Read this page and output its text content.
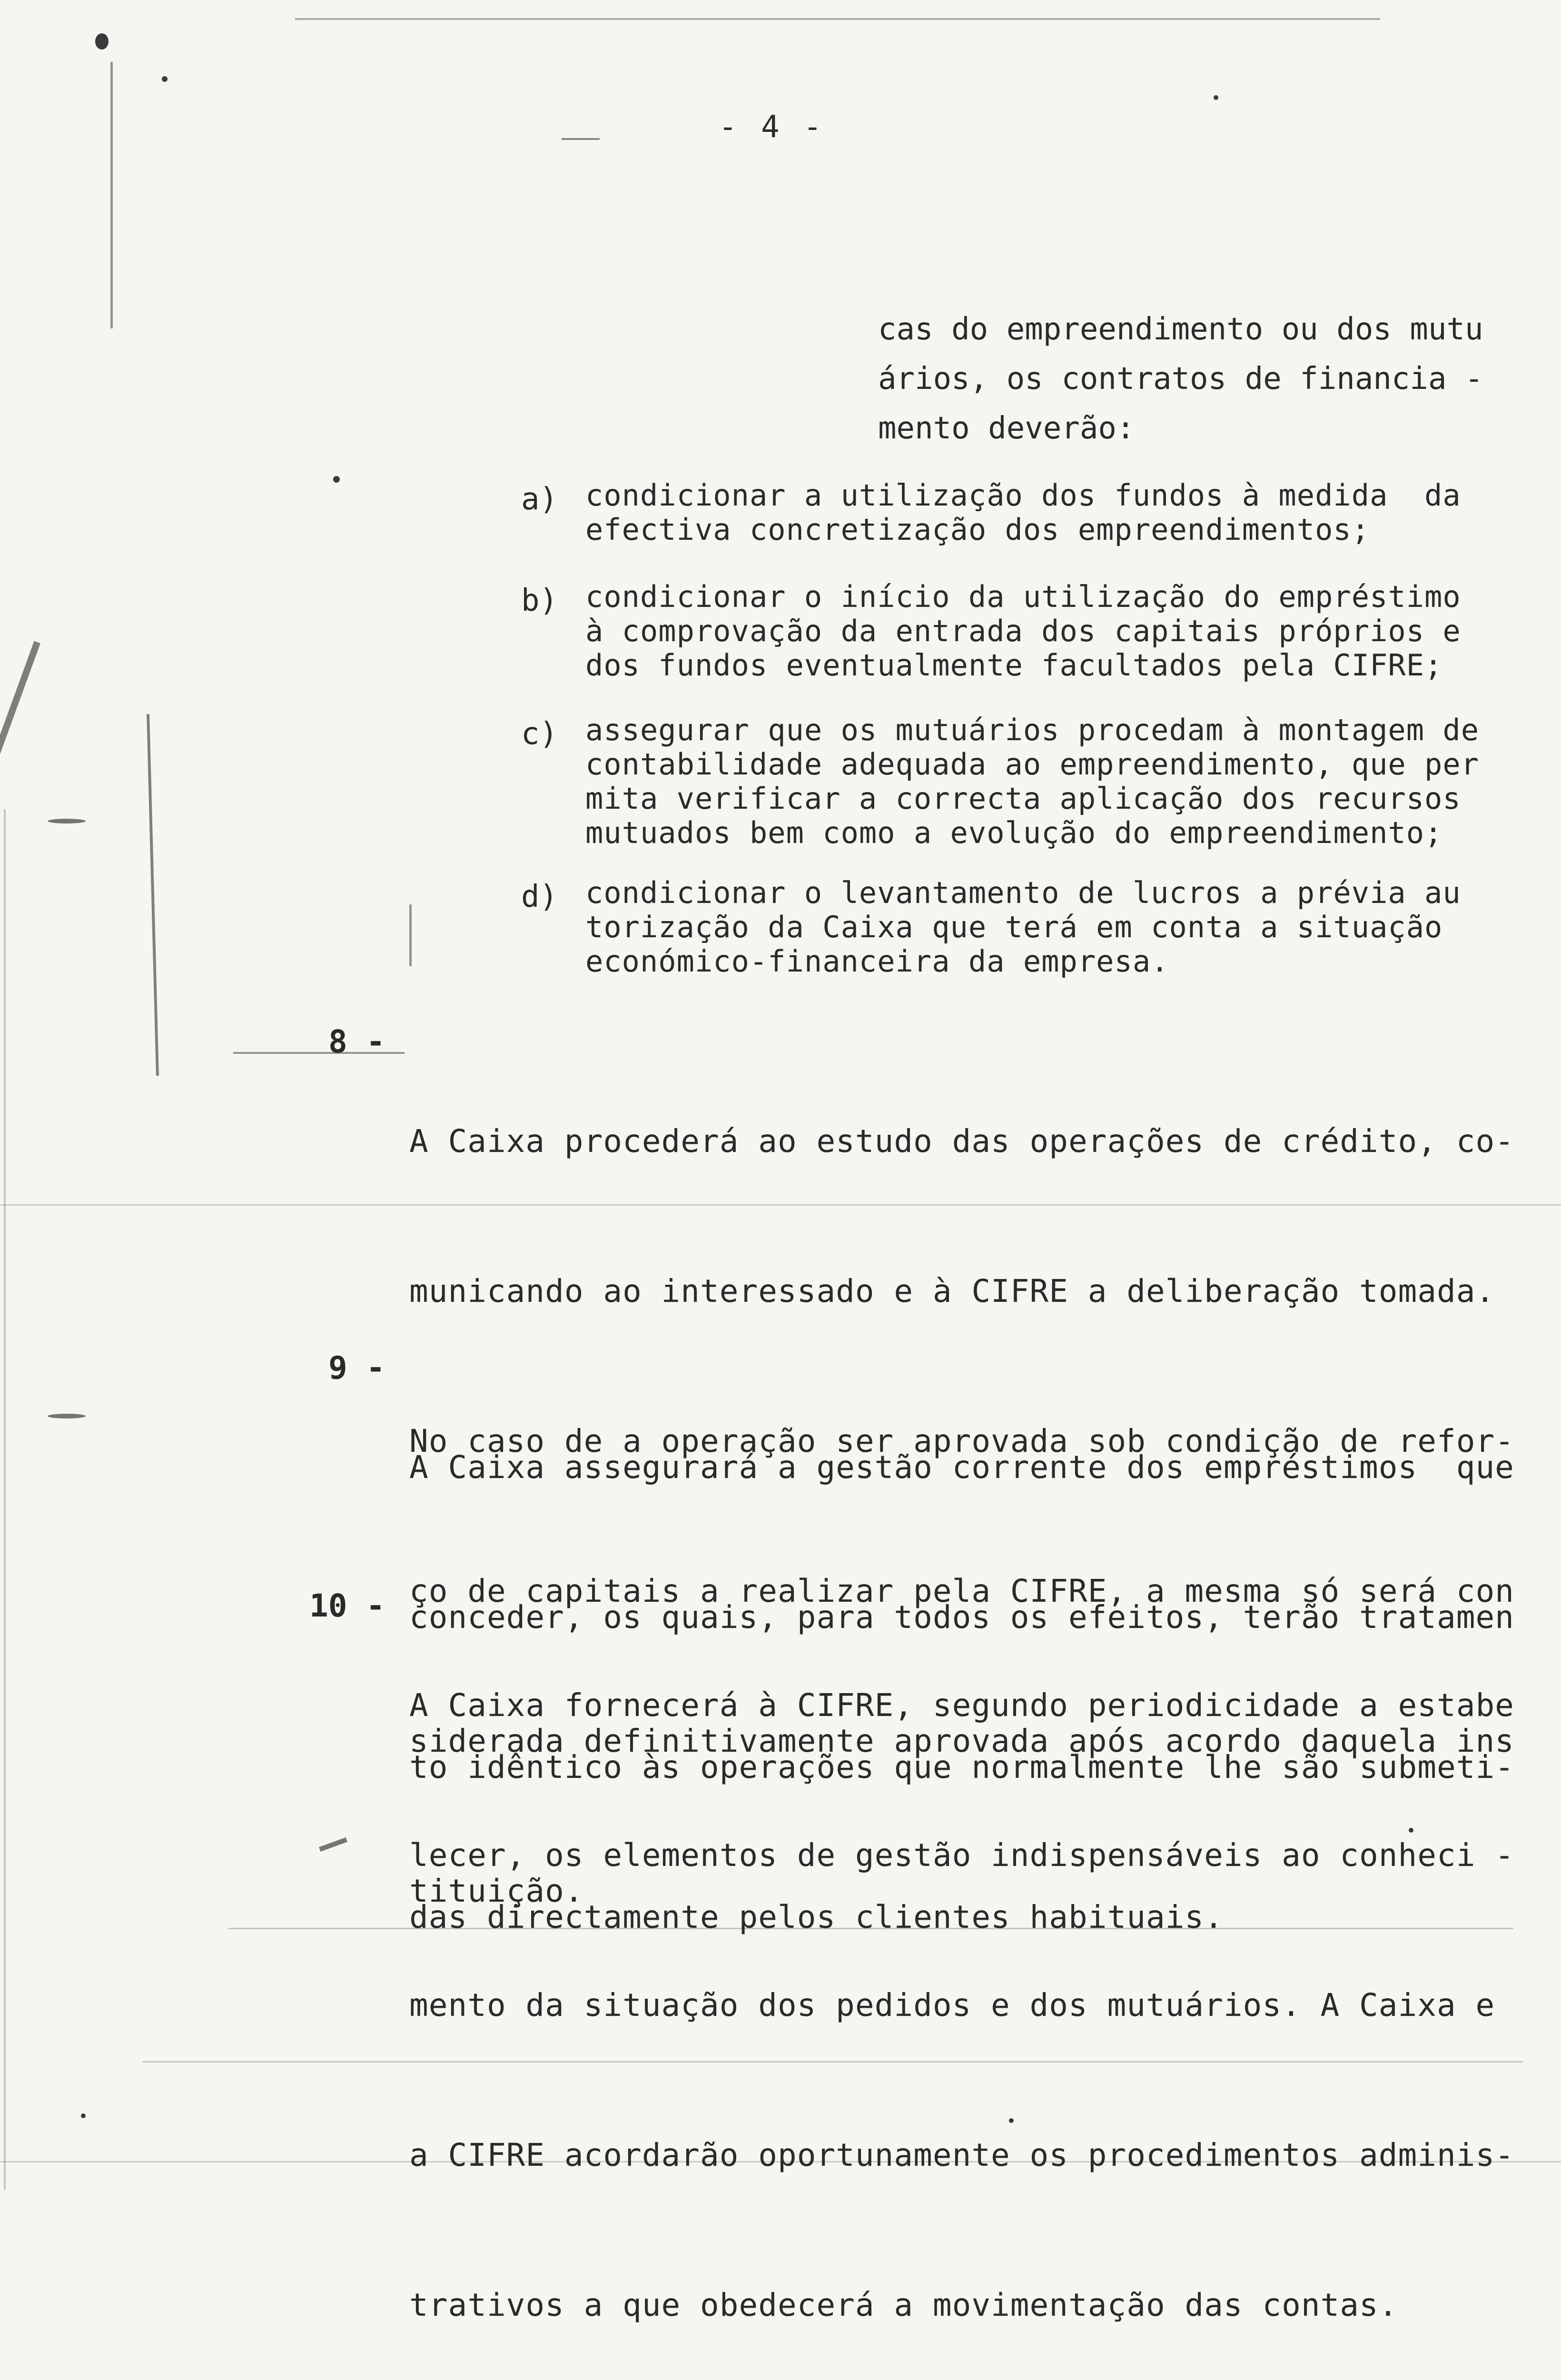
- 4 -
cas do empreendimento ou dos mutu
ários, os contratos de financia -
mento deverão:
a) condicionar a utilização dos fundos à medida  da
efectiva concretização dos empreendimentos;
b) condicionar o início da utilização do empréstimo
à comprovação da entrada dos capitais próprios e
dos fundos eventualmente facultados pela CIFRE;
c) assegurar que os mutuários procedam à montagem de
contabilidade adequada ao empreendimento, que per
mita verificar a correcta aplicação dos recursos
mutuados bem como a evolução do empreendimento;
d) condicionar o levantamento de lucros a prévia au
torização da Caixa que terá em conta a situação
económico-financeira da empresa.
8 -

A Caixa procederá ao estudo das operações de crédito, co-

municando ao interessado e à CIFRE a deliberação tomada.

No caso de a operação ser aprovada sob condição de refor-

ço de capitais a realizar pela CIFRE, a mesma só será con

siderada definitivamente aprovada após acordo daquela ins

tituição.

9 -

A Caixa assegurará a gestão corrente dos empréstimos  que

conceder, os quais, para todos os efeitos, terão tratamen

to idêntico às operações que normalmente lhe são submeti-

das directamente pelos clientes habituais.

10 -

A Caixa fornecerá à CIFRE, segundo periodicidade a estabe

lecer, os elementos de gestão indispensáveis ao conheci -

mento da situação dos pedidos e dos mutuários. A Caixa e

a CIFRE acordarão oportunamente os procedimentos adminis-

trativos a que obedecerá a movimentação das contas.
